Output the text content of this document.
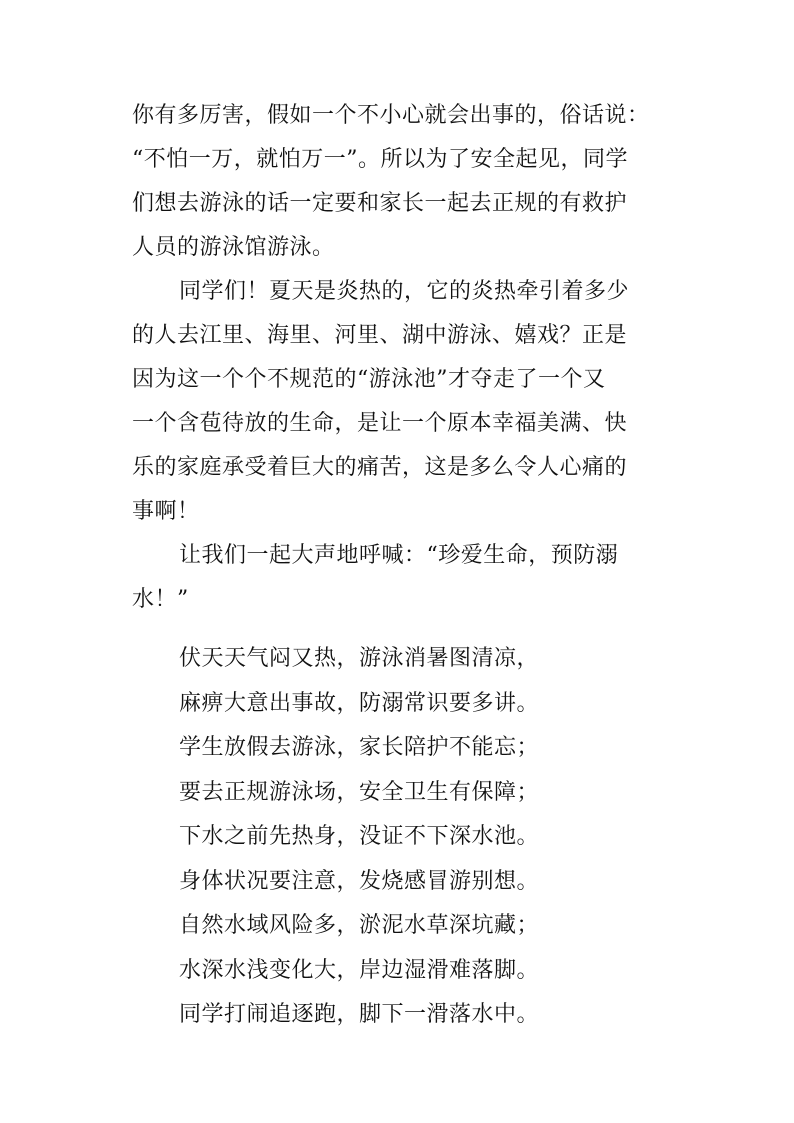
你有多厉害，假如一个不小心就会出事的，俗话说：
“不怕一万，就怕万一”。所以为了安全起见，同学
们想去游泳的话一定要和家长一起去正规的有救护
人员的游泳馆游泳。
同学们！夏天是炎热的，它的炎热牵引着多少
的人去江里、海里、河里、湖中游泳、嬉戏？正是
因为这一个个不规范的“游泳池”才夺走了一个又
一个含苞待放的生命，是让一个原本幸福美满、快
乐的家庭承受着巨大的痛苦，这是多么令人心痛的
事啊！
让我们一起大声地呼喊：“珍爱生命，预防溺
水！”
伏天天气闷又热，游泳消暑图清凉，
麻痹大意出事故，防溺常识要多讲。
学生放假去游泳，家长陪护不能忘；
要去正规游泳场，安全卫生有保障；
下水之前先热身，没证不下深水池。
身体状况要注意，发烧感冒游别想。
自然水域风险多，淤泥水草深坑藏；
水深水浅变化大，岸边湿滑难落脚。
同学打闹追逐跑，脚下一滑落水中。
